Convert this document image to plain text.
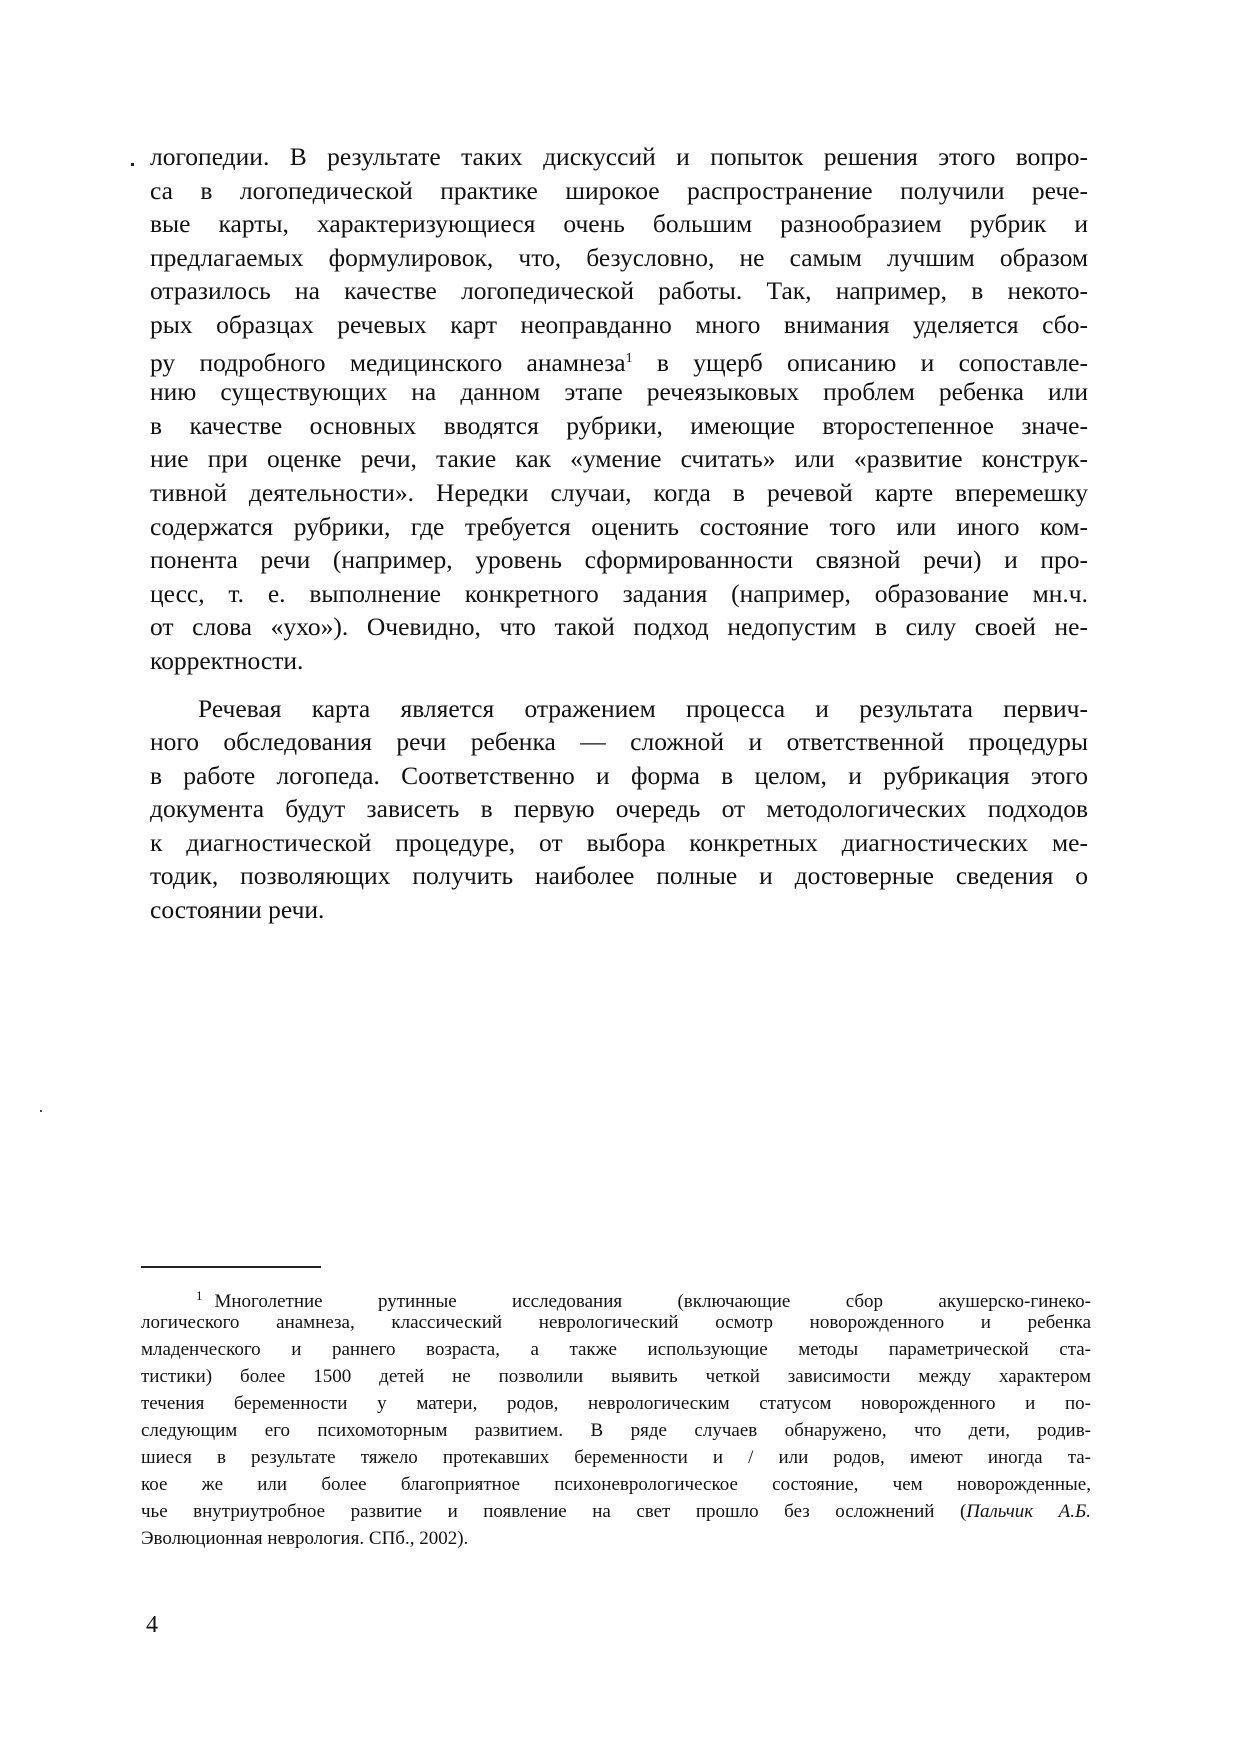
логопедии. В результате таких дискуссий и попыток решения этого вопро-
са в логопедической практике широкое распространение получили рече-
вые карты, характеризующиеся очень большим разнообразием рубрик и
предлагаемых формулировок, что, безусловно, не самым лучшим образом
отразилось на качестве логопедической работы. Так, например, в некото-
рых образцах речевых карт неоправданно много внимания уделяется сбо-
ру подробного медицинского анамнеза$^1$ в ущерб описанию и сопоставле-
нию существующих на данном этапе речеязыковых проблем ребенка или
в качестве основных вводятся рубрики, имеющие второстепенное значе-
ние при оценке речи, такие как «умение считать» или «развитие конструк-
тивной деятельности». Нередки случаи, когда в речевой карте вперемешку
содержатся рубрики, где требуется оценить состояние того или иного ком-
понента речи (например, уровень сформированности связной речи) и про-
цесс, т. е. выполнение конкретного задания (например, образование мн.ч.
от слова «ухо»). Очевидно, что такой подход недопустим в силу своей не-
корректности.
Речевая карта является отражением процесса и результата первич-
ного обследования речи ребенка — сложной и ответственной процедуры
в работе логопеда. Соответственно и форма в целом, и рубрикация этого
документа будут зависеть в первую очередь от методологических подходов
к диагностической процедуре, от выбора конкретных диагностических ме-
тодик, позволяющих получить наиболее полные и достоверные сведения о
состоянии речи.
$^1$ Многолетние рутинные исследования (включающие сбор акушерско-гинеко-
логического анамнеза, классический неврологический осмотр новорожденного и ребенка
младенческого и раннего возраста, а также использующие методы параметрической ста-
тистики) более 1500 детей не позволили выявить четкой зависимости между характером
течения беременности у матери, родов, неврологическим статусом новорожденного и по-
следующим его психомоторным развитием. В ряде случаев обнаружено, что дети, родив-
шиеся в результате тяжело протекавших беременности и / или родов, имеют иногда та-
кое же или более благоприятное психоневрологическое состояние, чем новорожденные,
чье внутриутробное развитие и появление на свет прошло без осложнений (Пальчик А.Б.
Эволюционная неврология. СПб., 2002).
4
